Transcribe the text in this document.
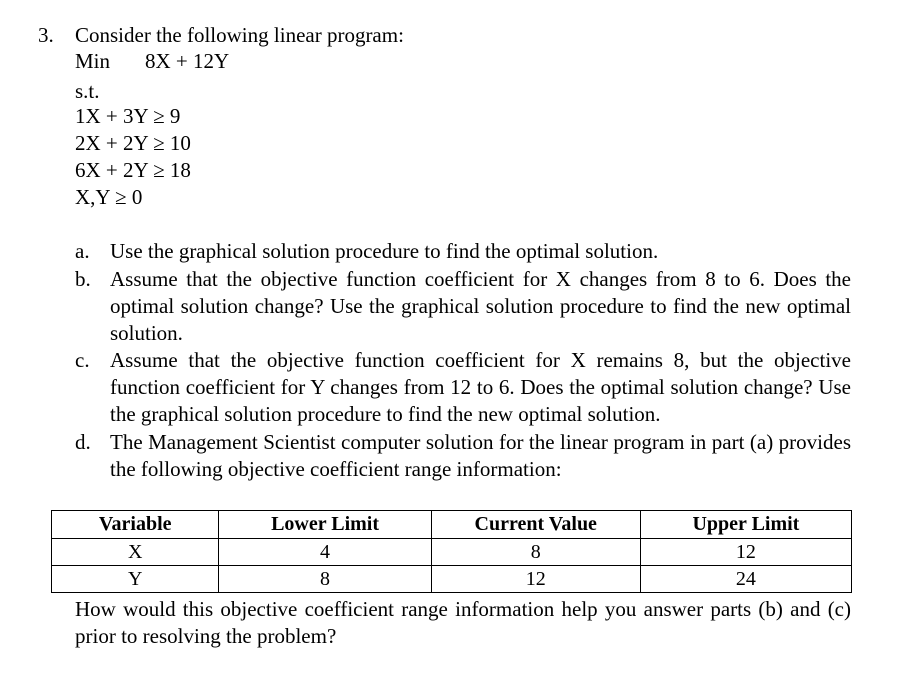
3. Consider the following linear program:
Min 8X + 12Y
s.t.
1X + 3Y ≥ 9
2X + 2Y ≥ 10
6X + 2Y ≥ 18
X,Y ≥ 0
a. Use the graphical solution procedure to find the optimal solution.
b. Assume that the objective function coefficient for X changes from 8 to 6. Does the optimal solution change? Use the graphical solution procedure to find the new optimal solution.
c. Assume that the objective function coefficient for X remains 8, but the objective function coefficient for Y changes from 12 to 6. Does the optimal solution change? Use the graphical solution procedure to find the new optimal solution.
d. The Management Scientist computer solution for the linear program in part (a) provides the following objective coefficient range information:
Variable	Lower Limit	Current Value	Upper Limit
X	4	8	12
Y	8	12	24
How would this objective coefficient range information help you answer parts (b) and (c) prior to resolving the problem?
